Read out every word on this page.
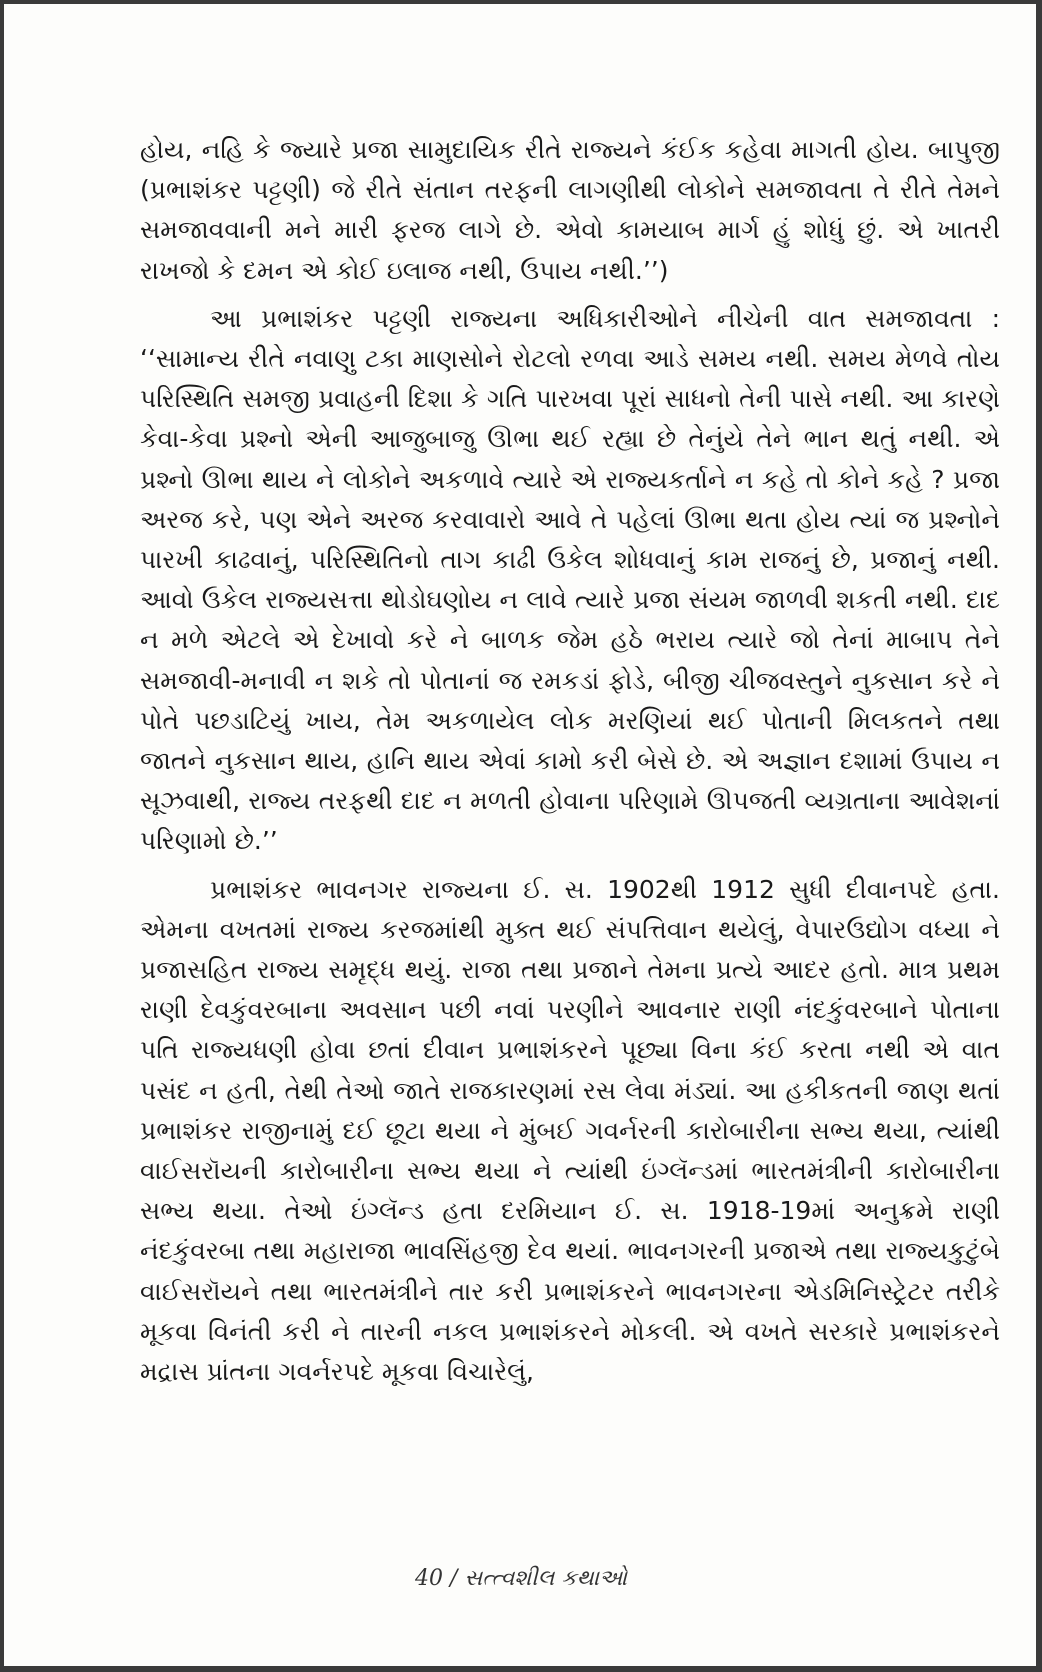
હોય, નહિ કે જ્યારે પ્રજા સામુદાયિક રીતે રાજ્યને કંઈક કહેવા માગતી હોય. બાપુજી (પ્રભાશંકર પટ્ટણી) જે રીતે સંતાન તરફની લાગણીથી લોકોને સમજાવતા તે રીતે તેમને સમજાવવાની મને મારી ફરજ લાગે છે. એવો કામયાબ માર્ગ હું શોધું છું. એ ખાતરી રાખજો કે દમન એ કોઈ ઇલાજ નથી, ઉપાય નથી.’’)

આ પ્રભાશંકર પટ્ટણી રાજ્યના અધિકારીઓને નીચેની વાત સમજાવતા : ‘‘સામાન્ય રીતે નવાણુ ટકા માણસોને રોટલો રળવા આડે સમય નથી. સમય મેળવે તોય પરિસ્થિતિ સમજી પ્રવાહની દિશા કે ગતિ પારખવા પૂરાં સાધનો તેની પાસે નથી. આ કારણે કેવા-કેવા પ્રશ્નો એની આજુબાજુ ઊભા થઈ રહ્યા છે તેનુંયે તેને ભાન થતું નથી. એ પ્રશ્નો ઊભા થાય ને લોકોને અકળાવે ત્યારે એ રાજ્યકર્તાને ન કહે તો કોને કહે ? પ્રજા અરજ કરે, પણ એને અરજ કરવાવારો આવે તે પહેલાં ઊભા થતા હોય ત્યાં જ પ્રશ્નોને પારખી કાઢવાનું, પરિસ્થિતિનો તાગ કાઢી ઉકેલ શોધવાનું કામ રાજનું છે, પ્રજાનું નથી. આવો ઉકેલ રાજ્યસત્તા થોડોઘણોય ન લાવે ત્યારે પ્રજા સંયમ જાળવી શકતી નથી. દાદ ન મળે એટલે એ દેખાવો કરે ને બાળક જેમ હઠે ભરાય ત્યારે જો તેનાં માબાપ તેને સમજાવી-મનાવી ન શકે તો પોતાનાં જ રમકડાં ફોડે, બીજી ચીજવસ્તુને નુકસાન કરે ને પોતે પછડાટિયું ખાય, તેમ અકળાયેલ લોક મરણિયાં થઈ પોતાની મિલકતને તથા જાતને નુકસાન થાય, હાનિ થાય એવાં કામો કરી બેસે છે. એ અજ્ઞાન દશામાં ઉપાય ન સૂઝવાથી, રાજ્ય તરફથી દાદ ન મળતી હોવાના પરિણામે ઊપજતી વ્યગ્રતાના આવેશનાં પરિણામો છે.’’

પ્રભાશંકર ભાવનગર રાજ્યના ઈ. સ. 1902થી 1912 સુધી દીવાનપદે હતા. એમના વખતમાં રાજ્ય કરજમાંથી મુક્ત થઈ સંપત્તિવાન થયેલું, વેપારઉદ્યોગ વધ્યા ને પ્રજાસહિત રાજ્ય સમૃદ્ધ થયું. રાજા તથા પ્રજાને તેમના પ્રત્યે આદર હતો. માત્ર પ્રથમ રાણી દેવકુંવરબાના અવસાન પછી નવાં પરણીને આવનાર રાણી નંદકુંવરબાને પોતાના પતિ રાજ્યધણી હોવા છતાં દીવાન પ્રભાશંકરને પૂછ્યા વિના કંઈ કરતા નથી એ વાત પસંદ ન હતી, તેથી તેઓ જાતે રાજકારણમાં રસ લેવા મંડ્યાં. આ હકીકતની જાણ થતાં પ્રભાશંકર રાજીનામું દઈ છૂટા થયા ને મુંબઈ ગવર્નરની કારોબારીના સભ્ય થયા, ત્યાંથી વાઈસરૉયની કારોબારીના સભ્ય થયા ને ત્યાંથી ઇંગ્લૅન્ડમાં ભારતમંત્રીની કારોબારીના સભ્ય થયા. તેઓ ઇંગ્લૅન્ડ હતા દરમિયાન ઈ. સ. 1918-19માં અનુક્રમે રાણી નંદકુંવરબા તથા મહારાજા ભાવસિંહજી દેવ થયાં. ભાવનગરની પ્રજાએ તથા રાજ્યકુટુંબે વાઈસરૉયને તથા ભારતમંત્રીને તાર કરી પ્રભાશંકરને ભાવનગરના એડમિનિસ્ટ્રેટર તરીકે મૂકવા વિનંતી કરી ને તારની નકલ પ્રભાશંકરને મોકલી. એ વખતે સરકારે પ્રભાશંકરને મદ્રાસ પ્રાંતના ગવર્નરપદે મૂકવા વિચારેલું,

40 / સત્ત્વશીલ કથાઓ
